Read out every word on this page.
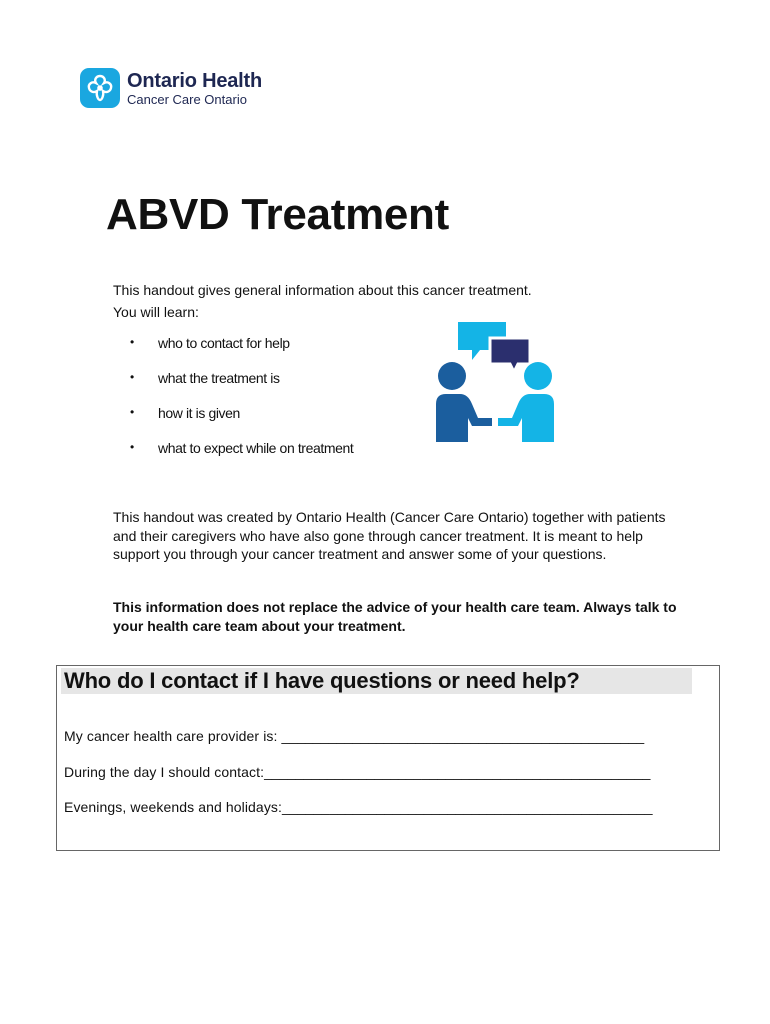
Ontario Health
Cancer Care Ontario
ABVD Treatment
This handout gives general information about this cancer treatment.
You will learn:
•	who to contact for help
•	what the treatment is
•	how it is given
•	what to expect while on treatment

This handout was created by Ontario Health (Cancer Care Ontario) together with patients and their caregivers who have also gone through cancer treatment. It is meant to help support you through your cancer treatment and answer some of your questions.

This information does not replace the advice of your health care team. Always talk to your health care team about your treatment.

Who do I contact if I have questions or need help?
My cancer health care provider is: ______________________________________________
During the day I should contact:_________________________________________________
Evenings, weekends and holidays:_______________________________________________
